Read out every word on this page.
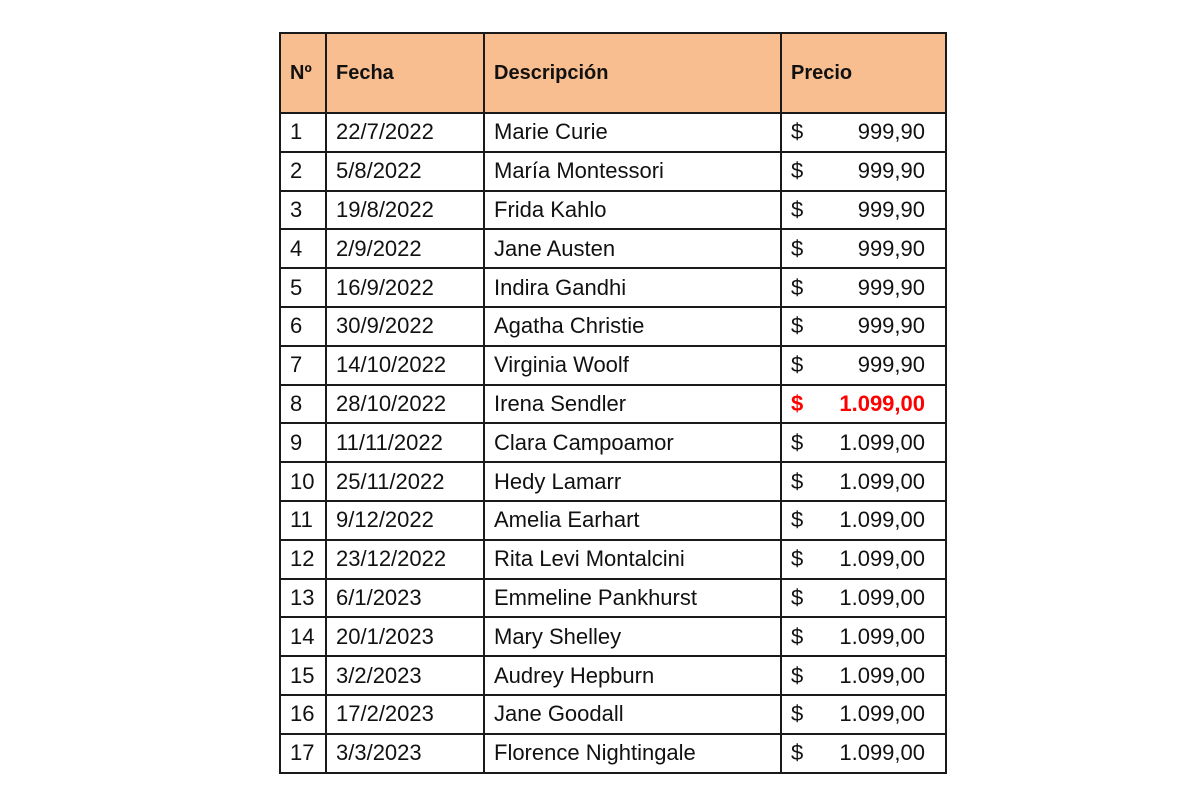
Nº	Fecha	Descripción	Precio
1	22/7/2022	Marie Curie	$ 999,90

2	5/8/2022	María Montessori	$ 999,90

3	19/8/2022	Frida Kahlo	$ 999,90

4	2/9/2022	Jane Austen	$ 999,90

5	16/9/2022	Indira Gandhi	$ 999,90

6	30/9/2022	Agatha Christie	$ 999,90

7	14/10/2022	Virginia Woolf	$ 999,90

8	28/10/2022	Irena Sendler	$ 1.099,00

9	11/11/2022	Clara Campoamor	$ 1.099,00

10	25/11/2022	Hedy Lamarr	$ 1.099,00

11	9/12/2022	Amelia Earhart	$ 1.099,00

12	23/12/2022	Rita Levi Montalcini	$ 1.099,00

13	6/1/2023	Emmeline Pankhurst	$ 1.099,00

14	20/1/2023	Mary Shelley	$ 1.099,00

15	3/2/2023	Audrey Hepburn	$ 1.099,00

16	17/2/2023	Jane Goodall	$ 1.099,00

17	3/3/2023	Florence Nightingale	$ 1.099,00
